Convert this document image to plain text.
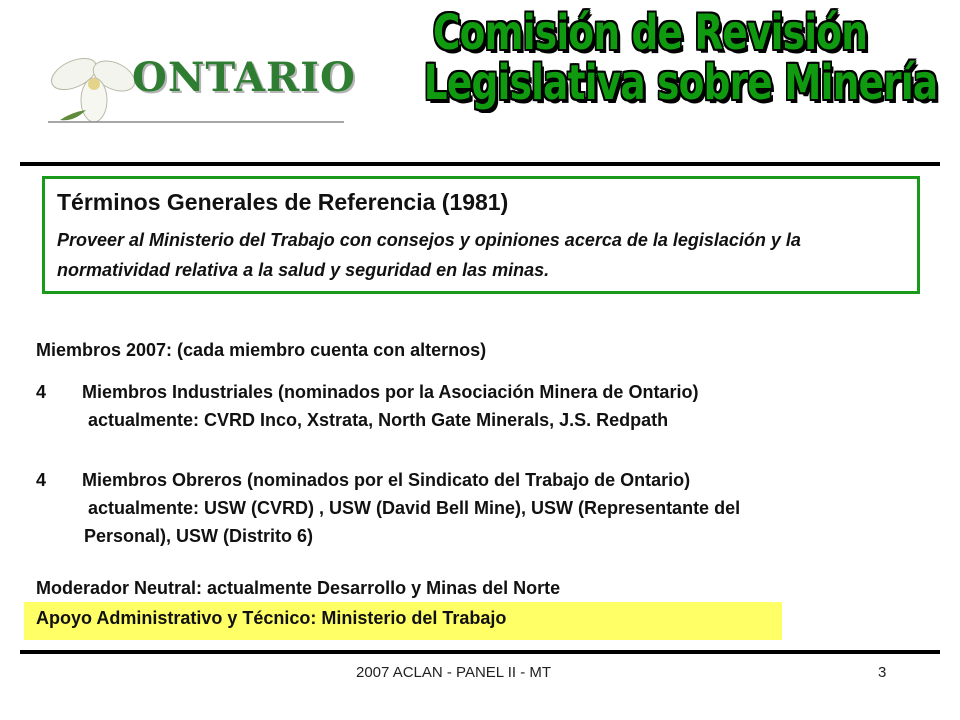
ONTARIO
Comisión de Revisión
Legislativa sobre Minería
Términos Generales de Referencia (1981)
Proveer al Ministerio del Trabajo con consejos y opiniones acerca de la legislación y la normatividad relativa a la salud y seguridad en las minas.
Miembros 2007: (cada miembro cuenta con alternos)
4 Miembros Industriales (nominados por la Asociación Minera de Ontario)
actualmente: CVRD Inco, Xstrata, North Gate Minerals, J.S. Redpath
4 Miembros Obreros (nominados por el Sindicato del Trabajo de Ontario)
actualmente: USW (CVRD) , USW (David Bell Mine), USW (Representante del
Personal), USW (Distrito 6)
Moderador Neutral: actualmente Desarrollo y Minas del Norte
Apoyo Administrativo y Técnico: Ministerio del Trabajo
2007 ACLAN - PANEL II - MT	3
